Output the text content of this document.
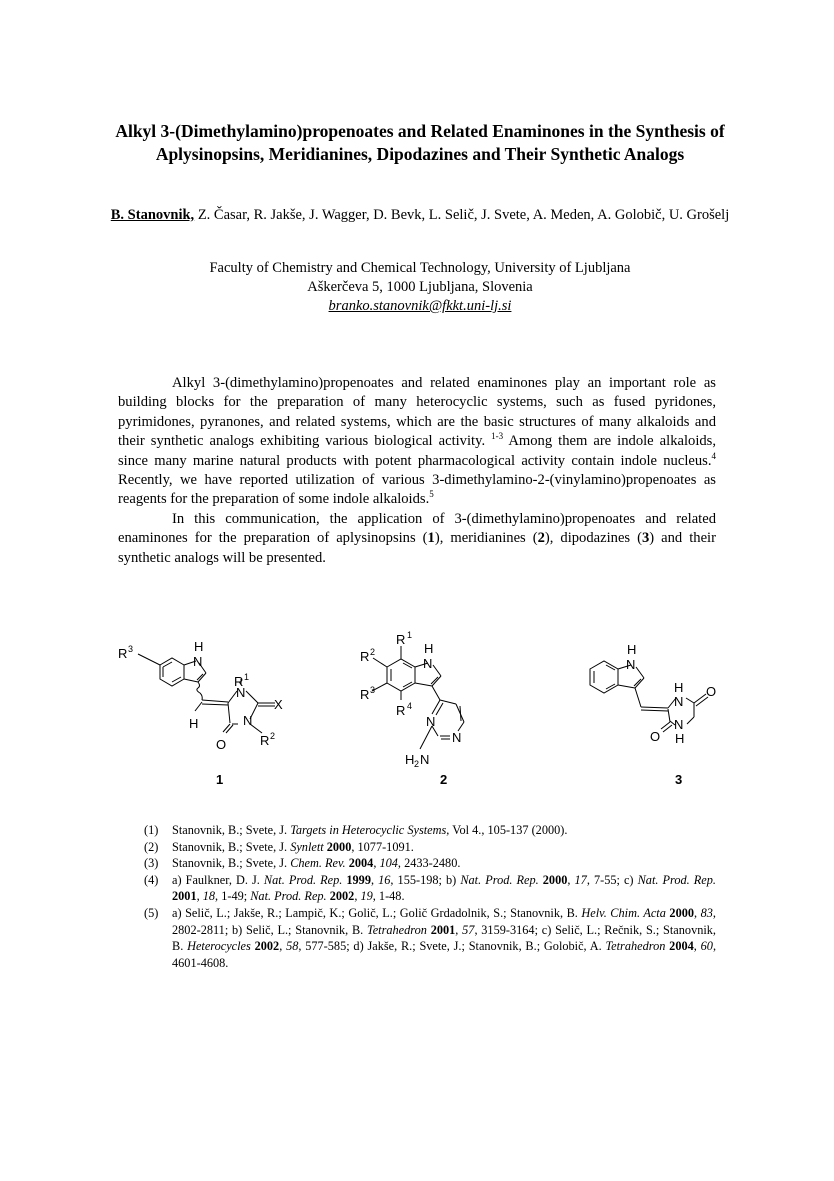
Alkyl 3-(Dimethylamino)propenoates and Related Enaminones in the Synthesis of Aplysinopsins, Meridianines, Dipodazines and Their Synthetic Analogs
B. Stanovnik, Z. Časar, R. Jakše, J. Wagger, D. Bevk, L. Selič, J. Svete, A. Meden, A. Golobič, U. Grošelj
Faculty of Chemistry and Chemical Technology, University of Ljubljana
Aškerčeva 5, 1000 Ljubljana, Slovenia
branko.stanovnik@fkkt.uni-lj.si

Alkyl 3-(dimethylamino)propenoates and related enaminones play an important role as building blocks for the preparation of many heterocyclic systems, such as fused pyridones, pyrimidones, pyranones, and related systems, which are the basic structures of many alkaloids and their synthetic analogs exhibiting various biological activity. $^{1-3}$ Among them are indole alkaloids, since many marine natural products with potent pharmacological activity contain indole nucleus.$^4$ Recently, we have reported utilization of various 3-dimethylamino-2-(vinylamino)propenoates as reagents for the preparation of some indole alkaloids.$^5$

In this communication, the application of 3-(dimethylamino)propenoates and related enaminones for the preparation of aplysinopsins (1), meridianines (2), dipodazines (3) and their synthetic analogs will be presented.

R 3	H
N
R 1
N
X
H	N
R 2
O
1
R 1
R 2
R 3
R 4
H
N
N
N
H 2 N
2
H
N
H
N
O
N
H
O
3
(1)	Stanovnik, B.; Svete, J. Targets in Heterocyclic Systems, Vol 4., 105-137 (2000).
(2)	Stanovnik, B.; Svete, J. Synlett 2000, 1077-1091.
(3)	Stanovnik, B.; Svete, J. Chem. Rev. 2004, 104, 2433-2480.
(4)	a) Faulkner, D. J. Nat. Prod. Rep. 1999, 16, 155-198; b) Nat. Prod. Rep. 2000, 17, 7-55; c) Nat. Prod. Rep. 2001, 18, 1-49; Nat. Prod. Rep. 2002, 19, 1-48.
(5)	a) Selič, L.; Jakše, R.; Lampič, K.; Golič, L.; Golič Grdadolnik, S.; Stanovnik, B. Helv. Chim. Acta 2000, 83, 2802-2811; b) Selič, L.; Stanovnik, B. Tetrahedron 2001, 57, 3159-3164; c) Selič, L.; Rečnik, S.; Stanovnik, B. Heterocycles 2002, 58, 577-585; d) Jakše, R.; Svete, J.; Stanovnik, B.; Golobič, A. Tetrahedron 2004, 60, 4601-4608.
